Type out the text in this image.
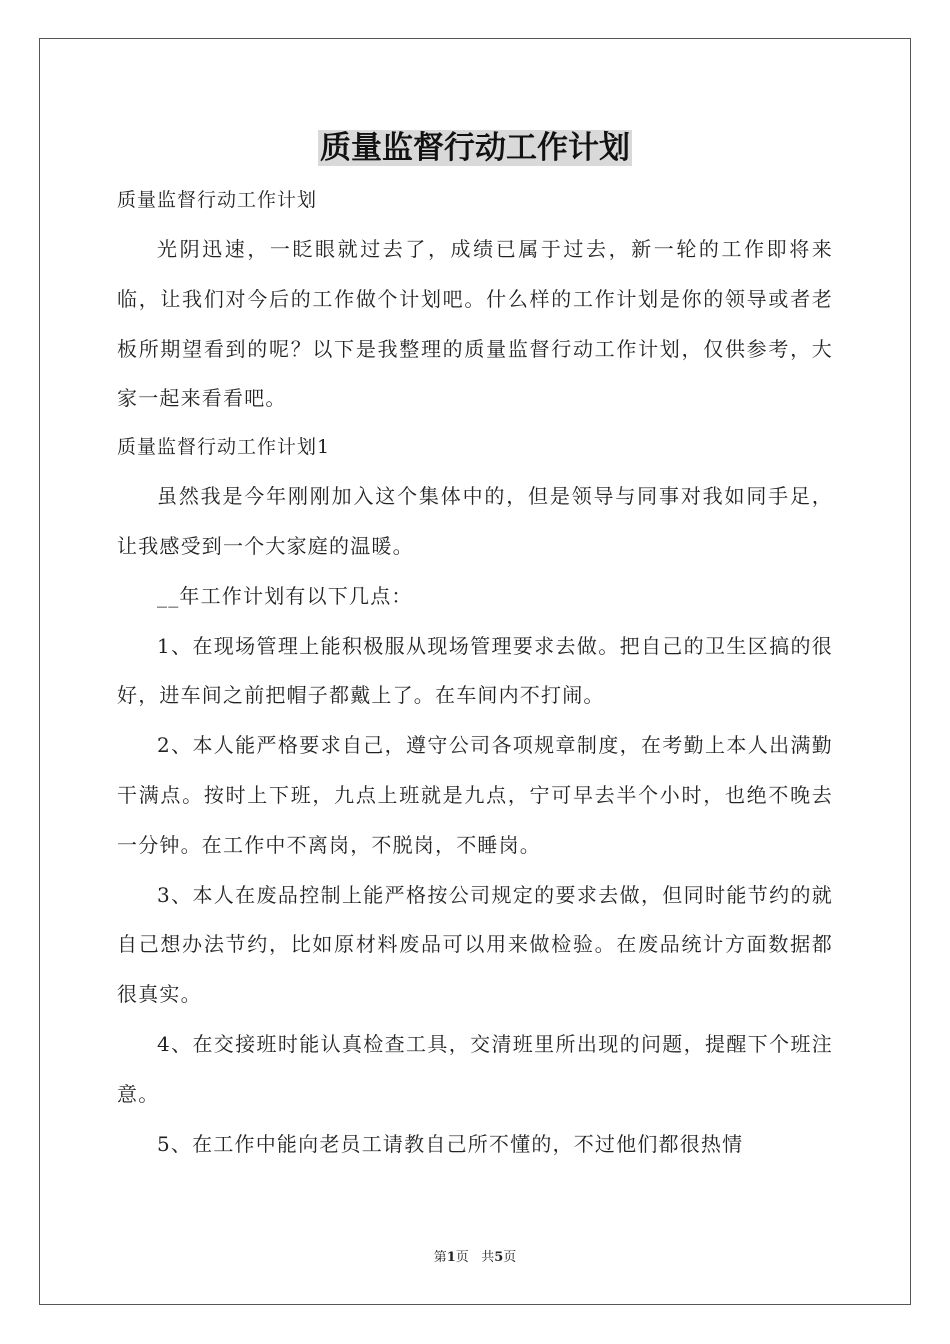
质量监督行动工作计划

质量监督行动工作计划

光阴迅速，一眨眼就过去了，成绩已属于过去，新一轮的工作即将来临，让我们对今后的工作做个计划吧。什么样的工作计划是你的领导或者老板所期望看到的呢？以下是我整理的质量监督行动工作计划，仅供参考，大家一起来看看吧。

质量监督行动工作计划1

虽然我是今年刚刚加入这个集体中的，但是领导与同事对我如同手足，让我感受到一个大家庭的温暖。

__年工作计划有以下几点：

1、在现场管理上能积极服从现场管理要求去做。把自己的卫生区搞的很好，进车间之前把帽子都戴上了。在车间内不打闹。

2、本人能严格要求自己，遵守公司各项规章制度，在考勤上本人出满勤干满点。按时上下班，九点上班就是九点，宁可早去半个小时，也绝不晚去一分钟。在工作中不离岗，不脱岗，不睡岗。

3、本人在废品控制上能严格按公司规定的要求去做，但同时能节约的就自己想办法节约，比如原材料废品可以用来做检验。在废品统计方面数据都很真实。

4、在交接班时能认真检查工具，交清班里所出现的问题，提醒下个班注意。

5、在工作中能向老员工请教自己所不懂的，不过他们都很热情

第1页 共5页
